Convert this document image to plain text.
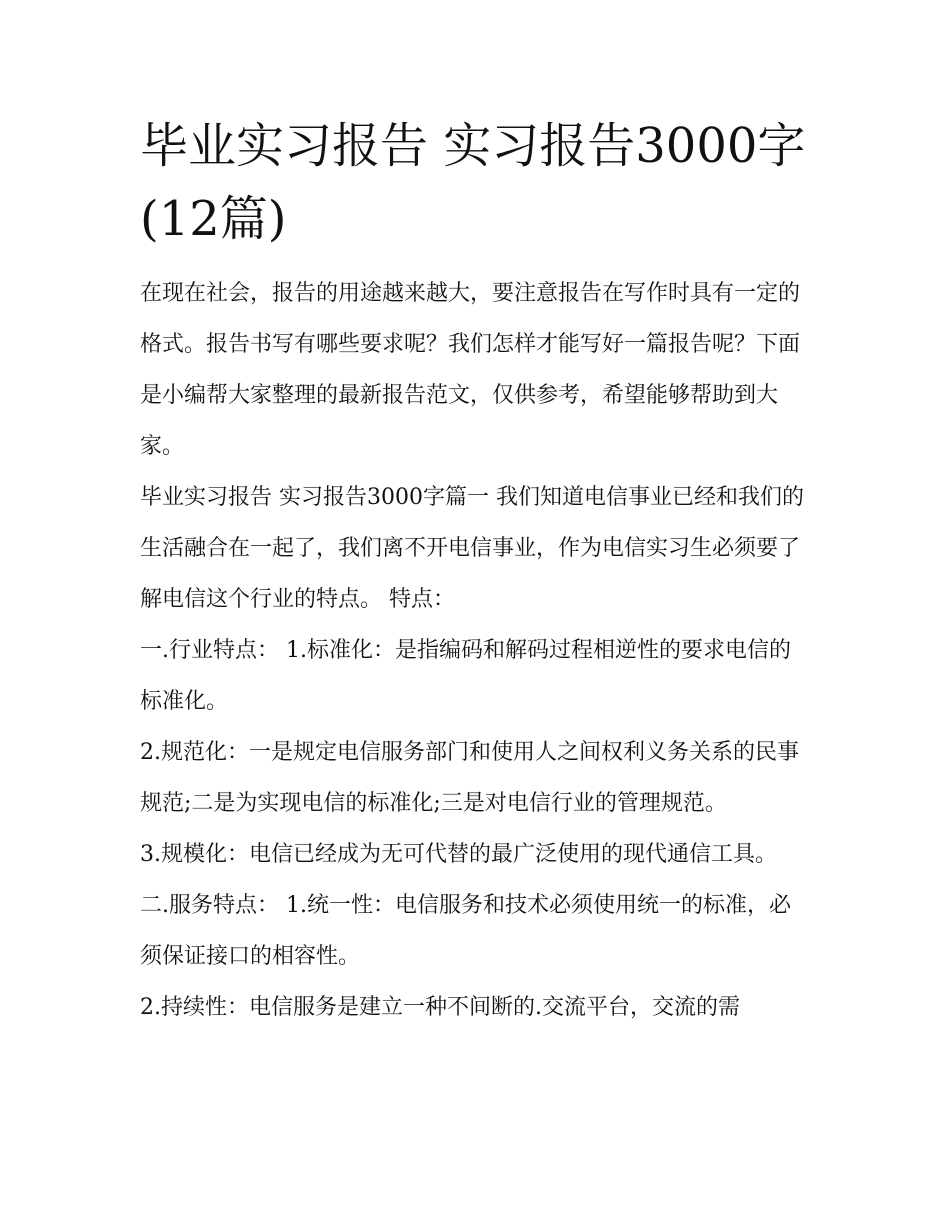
毕业实习报告 实习报告3000字(12篇)

在现在社会，报告的用途越来越大，要注意报告在写作时具有一定的格式。报告书写有哪些要求呢？我们怎样才能写好一篇报告呢？下面是小编帮大家整理的最新报告范文，仅供参考，希望能够帮助到大家。

毕业实习报告 实习报告3000字篇一 我们知道电信事业已经和我们的生活融合在一起了，我们离不开电信事业，作为电信实习生必须要了解电信这个行业的特点。 特点：

一.行业特点： 1.标准化：是指编码和解码过程相逆性的要求电信的标准化。

2.规范化：一是规定电信服务部门和使用人之间权利义务关系的民事规范;二是为实现电信的标准化;三是对电信行业的管理规范。

3.规模化：电信已经成为无可代替的最广泛使用的现代通信工具。 二.服务特点： 1.统一性：电信服务和技术必须使用统一的标准，必须保证接口的相容性。

2.持续性：电信服务是建立一种不间断的.交流平台，交流的需
